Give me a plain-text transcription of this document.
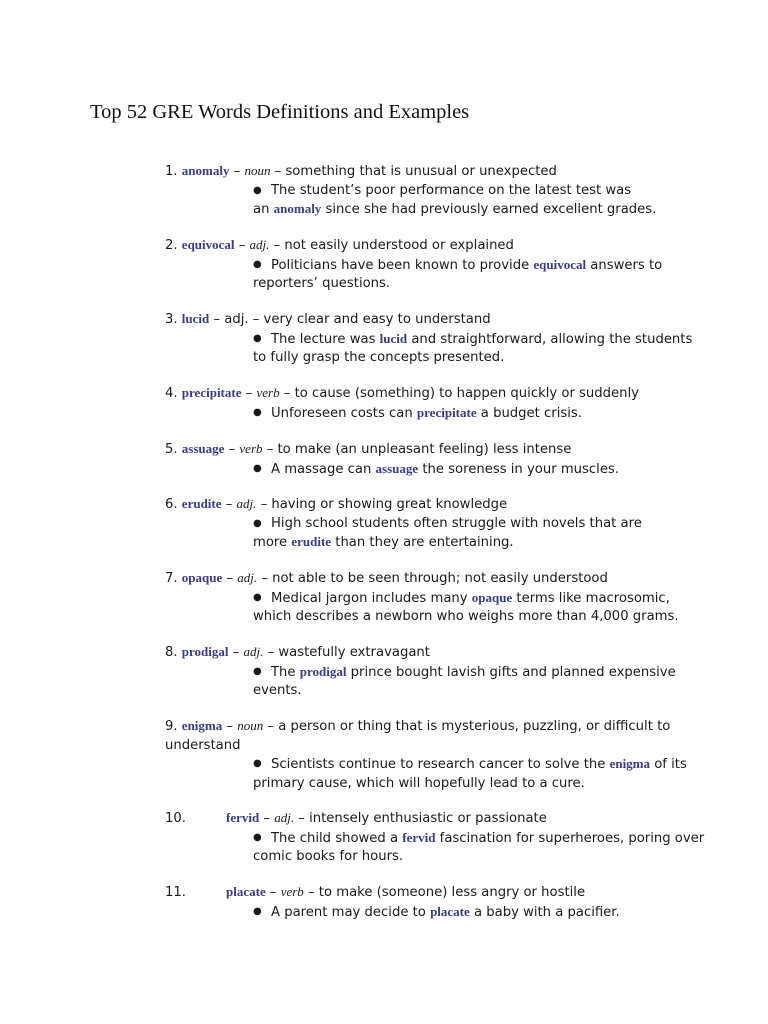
Top 52 GRE Words Definitions and Examples
1. anomaly – noun – something that is unusual or unexpected
● The student’s poor performance on the latest test was
an anomaly since she had previously earned excellent grades.
2. equivocal – adj. – not easily understood or explained
● Politicians have been known to provide equivocal answers to
reporters’ questions.
3. lucid – adj. – very clear and easy to understand
● The lecture was lucid and straightforward, allowing the students
to fully grasp the concepts presented.
4. precipitate – verb – to cause (something) to happen quickly or suddenly
● Unforeseen costs can precipitate a budget crisis.
5. assuage – verb – to make (an unpleasant feeling) less intense
● A massage can assuage the soreness in your muscles.
6. erudite – adj. – having or showing great knowledge
● High school students often struggle with novels that are
more erudite than they are entertaining.
7. opaque – adj. – not able to be seen through; not easily understood
● Medical jargon includes many opaque terms like macrosomic,
which describes a newborn who weighs more than 4,000 grams.
8. prodigal – adj. – wastefully extravagant
● The prodigal prince bought lavish gifts and planned expensive
events.
9. enigma – noun – a person or thing that is mysterious, puzzling, or difficult to
understand
● Scientists continue to research cancer to solve the enigma of its
primary cause, which will hopefully lead to a cure.
10.	fervid – adj. – intensely enthusiastic or passionate
● The child showed a fervid fascination for superheroes, poring over
comic books for hours.
11.	placate – verb – to make (someone) less angry or hostile
● A parent may decide to placate a baby with a pacifier.
